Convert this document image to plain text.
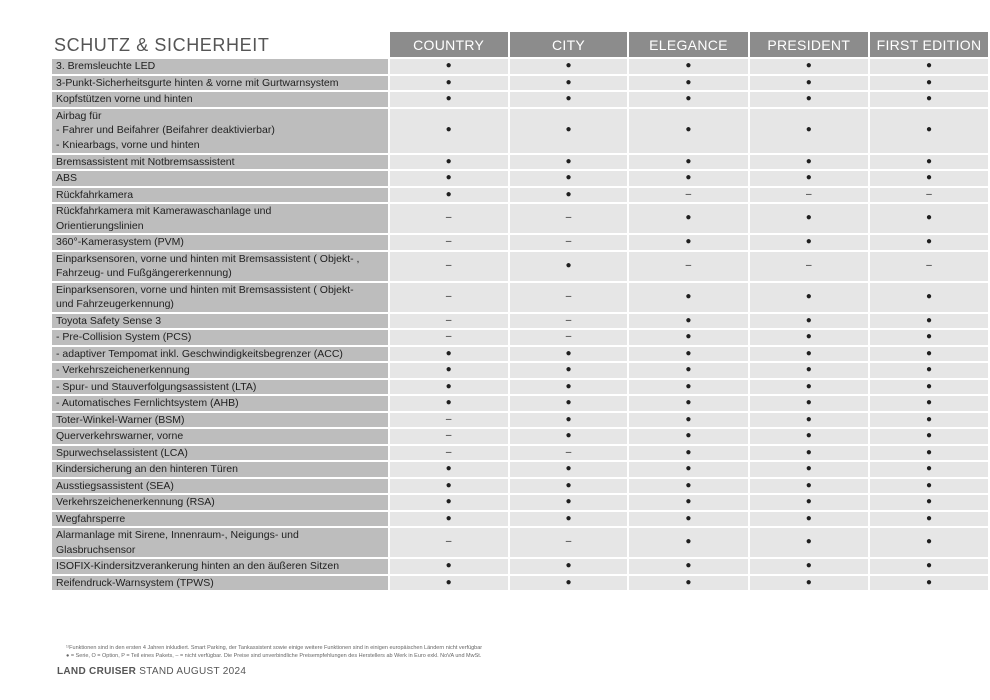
SCHUTZ & SICHERHEIT
		COUNTRY	CITY	ELEGANCE	PRESIDENT	FIRST EDITION
3. Bremsleuchte LED	●	●	●	●	●
3-Punkt-Sicherheitsgurte hinten & vorne mit Gurtwarnsystem	●	●	●	●	●
Kopfstützen vorne und hinten	●	●	●	●	●
Airbag für
- Fahrer und Beifahrer (Beifahrer deaktivierbar)
- Kniearbags, vorne und hinten	●	●	●	●	●
Bremsassistent mit Notbremsassistent	●	●	●	●	●
ABS	●	●	●	●	●
Rückfahrkamera	●	●	–	–	–
Rückfahrkamera mit Kamerawaschanlage und
Orientierungslinien	–	–	●	●	●
360°-Kamerasystem (PVM)	–	–	●	●	●
Einparksensoren, vorne und hinten mit Bremsassistent ( Objekt- ,
Fahrzeug- und Fußgängererkennung)	–	●	–	–	–
Einparksensoren, vorne und hinten mit Bremsassistent ( Objekt-
und Fahrzeugerkennung)	–	–	●	●	●
Toyota Safety Sense 3	–	–	●	●	●
- Pre-Collision System (PCS)	–	–	●	●	●
- adaptiver Tempomat inkl. Geschwindigkeitsbegrenzer (ACC)	●	●	●	●	●
- Verkehrszeichenerkennung	●	●	●	●	●
- Spur- und Stauverfolgungsassistent (LTA)	●	●	●	●	●
- Automatisches Fernlichtsystem (AHB)	●	●	●	●	●
Toter-Winkel-Warner (BSM)	–	●	●	●	●
Querverkehrswarner, vorne	–	●	●	●	●
Spurwechselassistent (LCA)	–	–	●	●	●
Kindersicherung an den hinteren Türen	●	●	●	●	●
Ausstiegsassistent (SEA)	●	●	●	●	●
Verkehrszeichenerkennung (RSA)	●	●	●	●	●
Wegfahrsperre	●	●	●	●	●
Alarmanlage mit Sirene, Innenraum-, Neigungs- und
Glasbruchsensor	–	–	●	●	●
ISOFIX-Kindersitzverankerung hinten an den äußeren Sitzen	●	●	●	●	●
Reifendruck-Warnsystem (TPWS)	●	●	●	●	●
¹⁾Funktionen sind in den ersten 4 Jahren inkludiert. Smart Parking, der Tankassistent sowie einige weitere Funktionen sind in einigen europäischen Ländern nicht verfügbar
● = Serie, O = Option, P = Teil eines Pakets, – = nicht verfügbar. Die Preise sind unverbindliche Preisempfehlungen des Herstellers ab Werk in Euro exkl. NoVA und MwSt.
LAND CRUISER STAND AUGUST 2024
